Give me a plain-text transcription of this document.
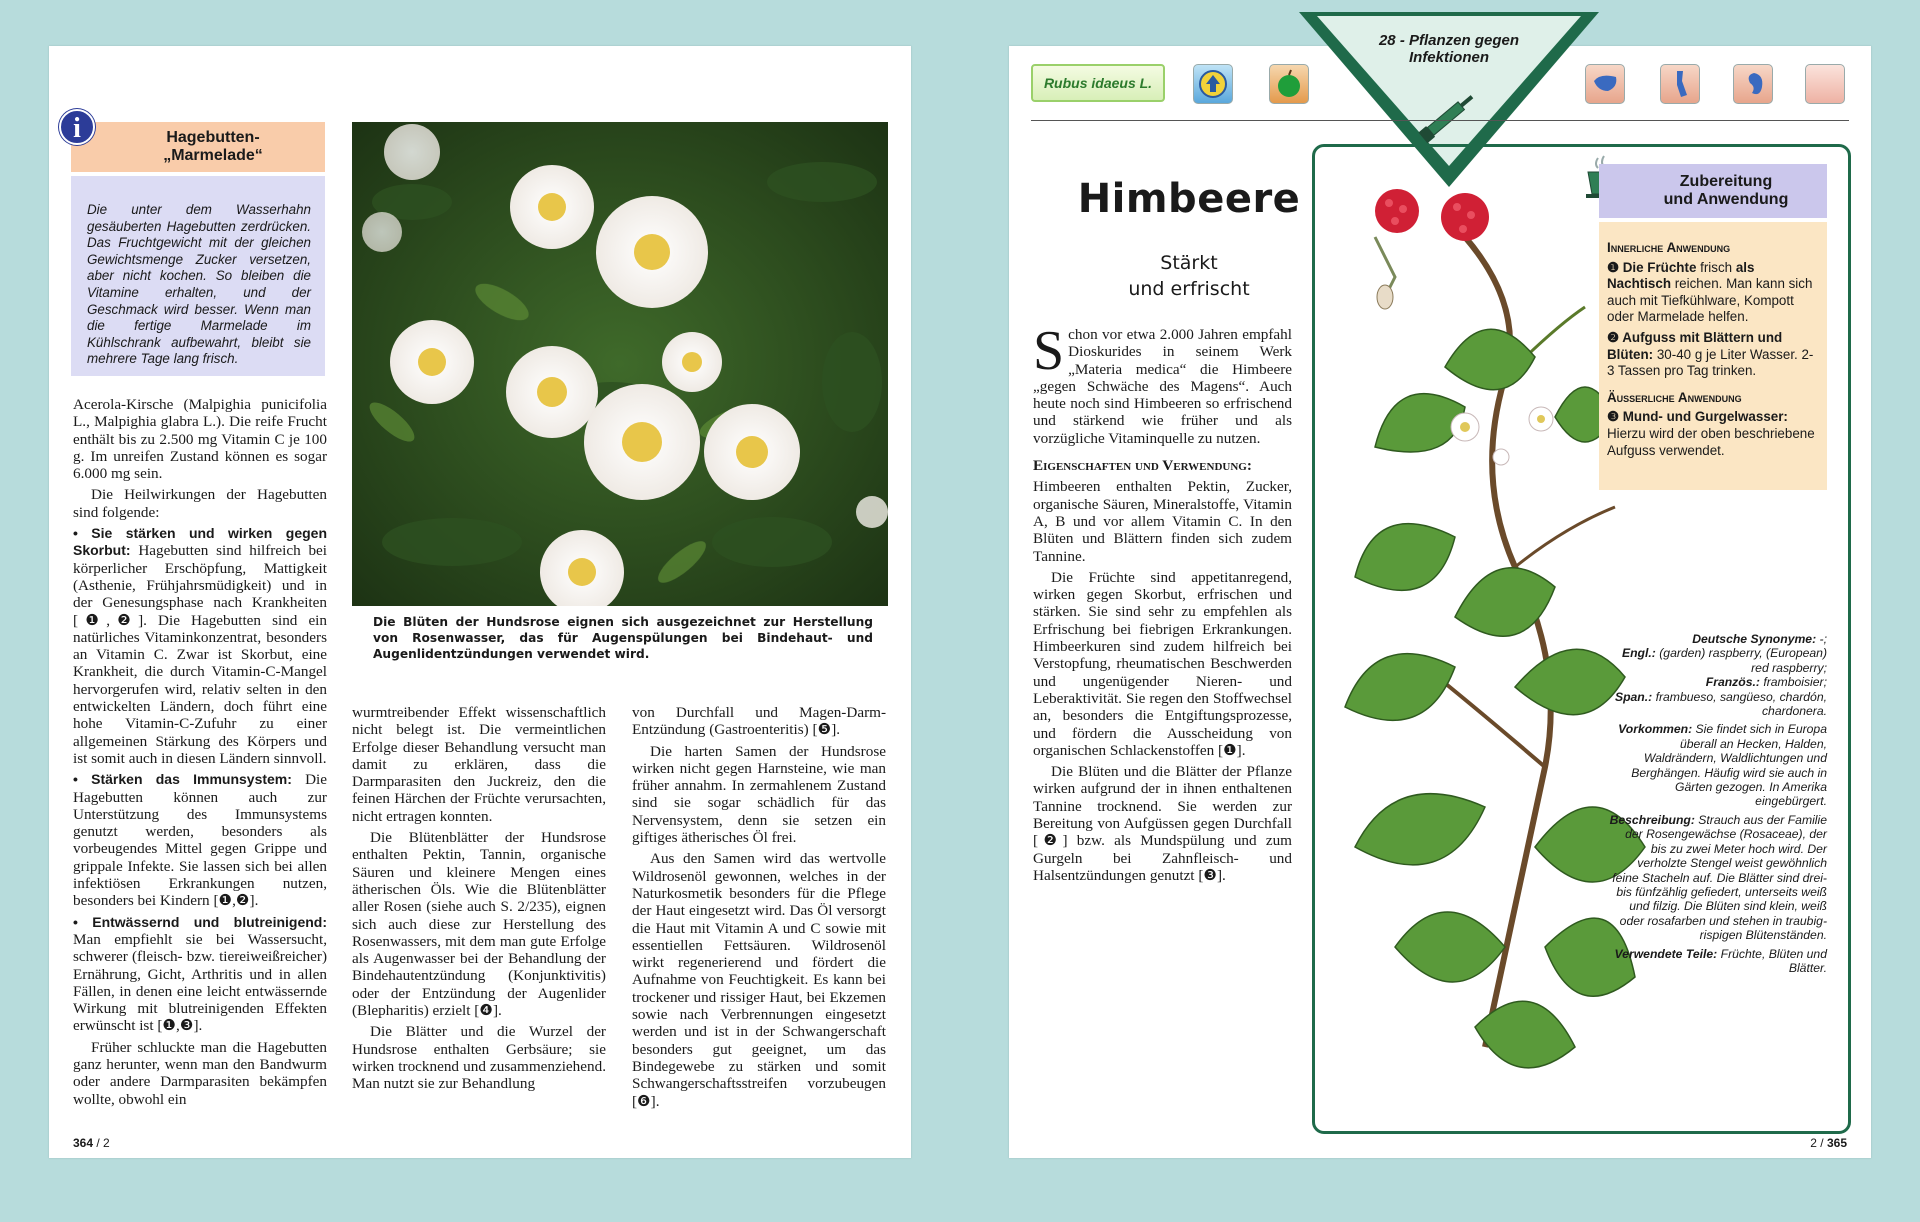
Hagebutten-
„Marmelade“
i
Die unter dem Wasserhahn gesäuberten Hagebutten zerdrücken. Das Fruchtgewicht mit der gleichen Gewichtsmenge Zucker versetzen, aber nicht kochen. So bleiben die Vitamine erhalten, und der Geschmack wird besser. Wenn man die fertige Marmelade im Kühlschrank aufbewahrt, bleibt sie mehrere Tage lang frisch.
Die Blüten der Hundsrose eignen sich ausgezeichnet zur Herstellung von Rosenwasser, das für Augenspülungen bei Bindehaut- und Augenlidentzündungen verwendet wird.

Acerola-Kirsche (Malpighia punicifolia L., Malpighia glabra L.). Die reife Frucht enthält bis zu 2.500 mg Vitamin C je 100 g. Im unreifen Zustand können es sogar 6.000 mg sein.

Die Heilwirkungen der Hagebutten sind folgende:

• Sie stärken und wirken gegen Skorbut: Hagebutten sind hilfreich bei körperlicher Erschöpfung, Mattigkeit (Asthenie, Frühjahrsmüdigkeit) und in der Genesungsphase nach Krankheiten [❶,❷]. Die Hagebutten sind ein natürliches Vitaminkonzentrat, besonders an Vitamin C. Zwar ist Skorbut, eine Krankheit, die durch Vitamin-C-Mangel hervorgerufen wird, relativ selten in den entwickelten Ländern, doch führt eine hohe Vitamin-C-Zufuhr zu einer allgemeinen Stärkung des Körpers und ist somit auch in diesen Ländern sinnvoll.
• Stärken das Immunsystem: Die Hagebutten können auch zur Unterstützung des Immunsystems genutzt werden, besonders als vorbeugendes Mittel gegen Grippe und grippale Infekte. Sie lassen sich bei allen infektiösen Erkrankungen nutzen, besonders bei Kindern [❶,❷].
• Entwässernd und blutreinigend: Man empfiehlt sie bei Wassersucht, schwerer (fleisch- bzw. tiereiweißreicher) Ernährung, Gicht, Arthritis und in allen Fällen, in denen eine leicht entwässernde Wirkung mit blutreinigenden Effekten erwünscht ist [❶,❸].

Früher schluckte man die Hagebutten ganz herunter, wenn man den Bandwurm oder andere Darmparasiten bekämpfen wollte, obwohl ein

wurmtreibender Effekt wissenschaftlich nicht belegt ist. Die vermeintlichen Erfolge dieser Behandlung versucht man damit zu erklären, dass die Darmparasiten den Juckreiz, den die feinen Härchen der Früchte verursachten, nicht ertragen konnten.

Die Blütenblätter der Hundsrose enthalten Pektin, Tannin, organische Säuren und kleinere Mengen eines ätherischen Öls. Wie die Blütenblätter aller Rosen (siehe auch S. 2/235), eignen sich auch diese zur Herstellung des Rosenwassers, mit dem man gute Erfolge als Augenwasser bei der Behandlung der Bindehautentzündung (Konjunktivitis) oder der Entzündung der Augenlider (Blepharitis) erzielt [❹].

Die Blätter und die Wurzel der Hundsrose enthalten Gerbsäure; sie wirken trocknend und zusammenziehend. Man nutzt sie zur Behandlung

von Durchfall und Magen-Darm-Entzündung (Gastroenteritis) [❺].

Die harten Samen der Hundsrose wirken nicht gegen Harnsteine, wie man früher annahm. In zermahlenem Zustand sind sie sogar schädlich für das Nervensystem, denn sie setzen ein giftiges ätherisches Öl frei.

Aus den Samen wird das wertvolle Wildrosenöl gewonnen, welches in der Naturkosmetik besonders für die Pflege der Haut eingesetzt wird. Das Öl versorgt die Haut mit Vitamin A und C sowie mit essentiellen Fettsäuren. Wildrosenöl wirkt regenerierend und fördert die Aufnahme von Feuchtigkeit. Es kann bei trockener und rissiger Haut, bei Ekzemen sowie nach Verbrennungen eingesetzt werden und ist in der Schwangerschaft besonders gut geeignet, um das Bindegewebe zu stärken und somit Schwangerschaftsstreifen vorzubeugen [❻].

364 / 2
Rubus idaeus L.
28 - Pflanzen gegen
Infektionen
Himbeere
Stärkt
und erfrischt

Schon vor etwa 2.000 Jahren empfahl Dioskurides in seinem Werk „Materia medica“ die Himbeere „gegen Schwäche des Magens“. Auch heute noch sind Himbeeren so erfrischend und stärkend wie früher und als vorzügliche Vitaminquelle zu nutzen.

Eigenschaften und Verwendung:

Himbeeren enthalten Pektin, Zucker, organische Säuren, Mineralstoffe, Vitamin A, B und vor allem Vitamin C. In den Blüten und Blättern finden sich zudem Tannine.

Die Früchte sind appetitanregend, wirken gegen Skorbut, erfrischen und stärken. Sie sind sehr zu empfehlen als Erfrischung bei fiebrigen Erkrankungen. Himbeerkuren sind zudem hilfreich bei Verstopfung, rheumatischen Beschwerden und ungenügender Nieren- und Leberaktivität. Sie regen den Stoffwechsel an, besonders die Entgiftungsprozesse, und fördern die Ausscheidung von organischen Schlackenstoffen [❶].

Die Blüten und die Blätter der Pflanze wirken aufgrund der in ihnen enthaltenen Tannine trocknend. Sie werden zur Bereitung von Aufgüssen gegen Durchfall [❷] bzw. als Mundspülung und zum Gurgeln bei Zahnfleisch- und Halsentzündungen genutzt [❸].

Zubereitung
und Anwendung
Innerliche Anwendung
❶ Die Früchte frisch als Nachtisch reichen. Man kann sich auch mit Tiefkühlware, Kompott oder Marmelade helfen.
❷ Aufguss mit Blättern und Blüten: 30-40 g je Liter Wasser. 2-3 Tassen pro Tag trinken.
Äusserliche Anwendung
❸ Mund- und Gurgelwasser: Hierzu wird der oben beschriebene Aufguss verwendet.
Deutsche Synonyme: -;
Engl.: (garden) raspberry, (European) red raspberry;
Französ.: framboisier;
Span.: frambueso, sangüeso, chardón, chardonera.
Vorkommen: Sie findet sich in Europa überall an Hecken, Halden, Waldrändern, Waldlichtungen und Berghängen. Häufig wird sie auch in Gärten gezogen. In Amerika eingebürgert.
Beschreibung: Strauch aus der Familie der Rosengewächse (Rosaceae), der bis zu zwei Meter hoch wird. Der verholzte Stengel weist gewöhnlich feine Stacheln auf. Die Blätter sind drei- bis fünfzählig gefiedert, unterseits weiß und filzig. Die Blüten sind klein, weiß oder rosafarben und stehen in traubig-rispigen Blütenständen.
Verwendete Teile: Früchte, Blüten und Blätter.
2 / 365
